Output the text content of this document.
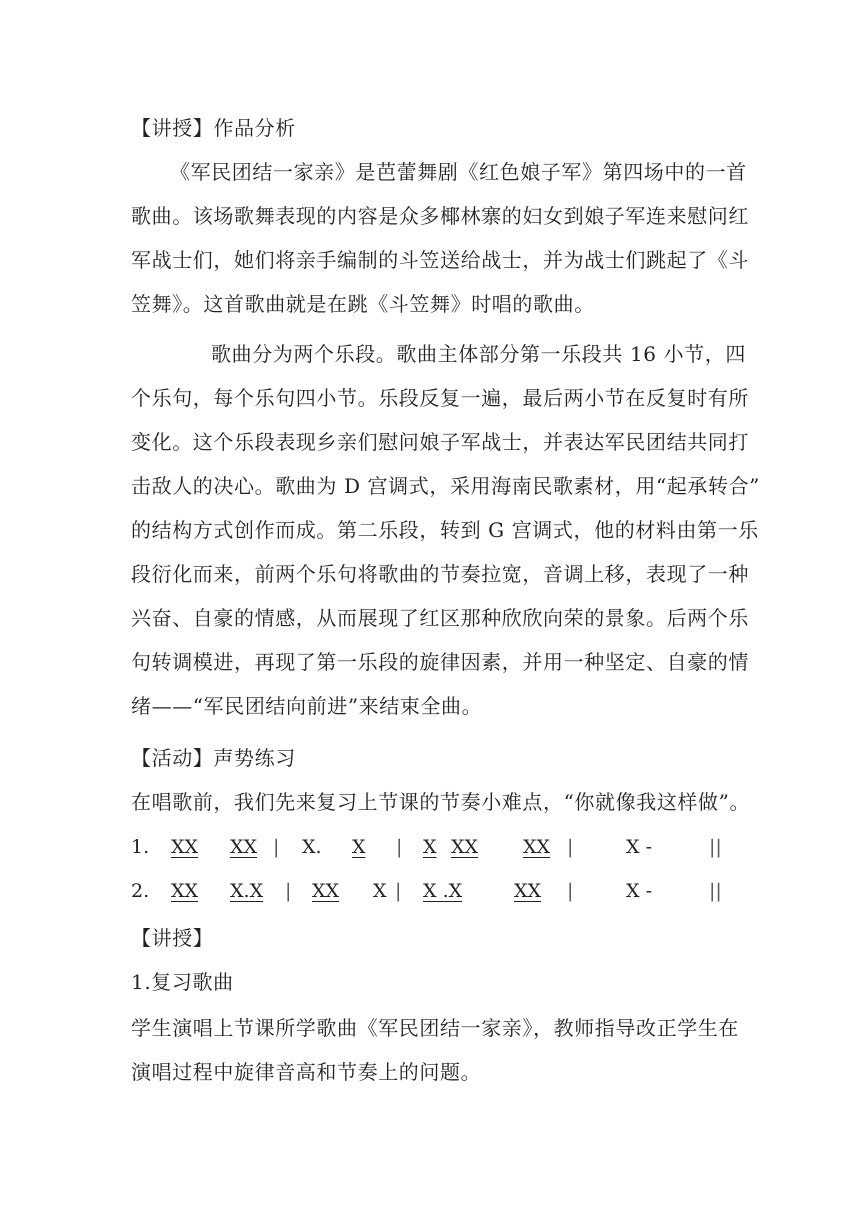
【讲授】作品分析
《军民团结一家亲》是芭蕾舞剧《红色娘子军》第四场中的一首
歌曲。该场歌舞表现的内容是众多椰林寨的妇女到娘子军连来慰问红
军战士们，她们将亲手编制的斗笠送给战士，并为战士们跳起了《斗
笠舞》。这首歌曲就是在跳《斗笠舞》时唱的歌曲。
歌曲分为两个乐段。歌曲主体部分第一乐段共 16 小节，四
个乐句，每个乐句四小节。乐段反复一遍，最后两小节在反复时有所
变化。这个乐段表现乡亲们慰问娘子军战士，并表达军民团结共同打
击敌人的决心。歌曲为 D 宫调式，采用海南民歌素材，用“起承转合”
的结构方式创作而成。第二乐段，转到 G 宫调式，他的材料由第一乐
段衍化而来，前两个乐句将歌曲的节奏拉宽，音调上移，表现了一种
兴奋、自豪的情感，从而展现了红区那种欣欣向荣的景象。后两个乐
句转调模进，再现了第一乐段的旋律因素，并用一种坚定、自豪的情
绪——“军民团结向前进”来结束全曲。
【活动】声势练习
在唱歌前，我们先来复习上节课的节奏小难点，“你就像我这样做”。
1. XX XX | X. X | X XX XX |	X -	||
2. XX X.X | XX X | X .X	XX |	X -	||
【讲授】
1.复习歌曲
学生演唱上节课所学歌曲《军民团结一家亲》，教师指导改正学生在
演唱过程中旋律音高和节奏上的问题。
